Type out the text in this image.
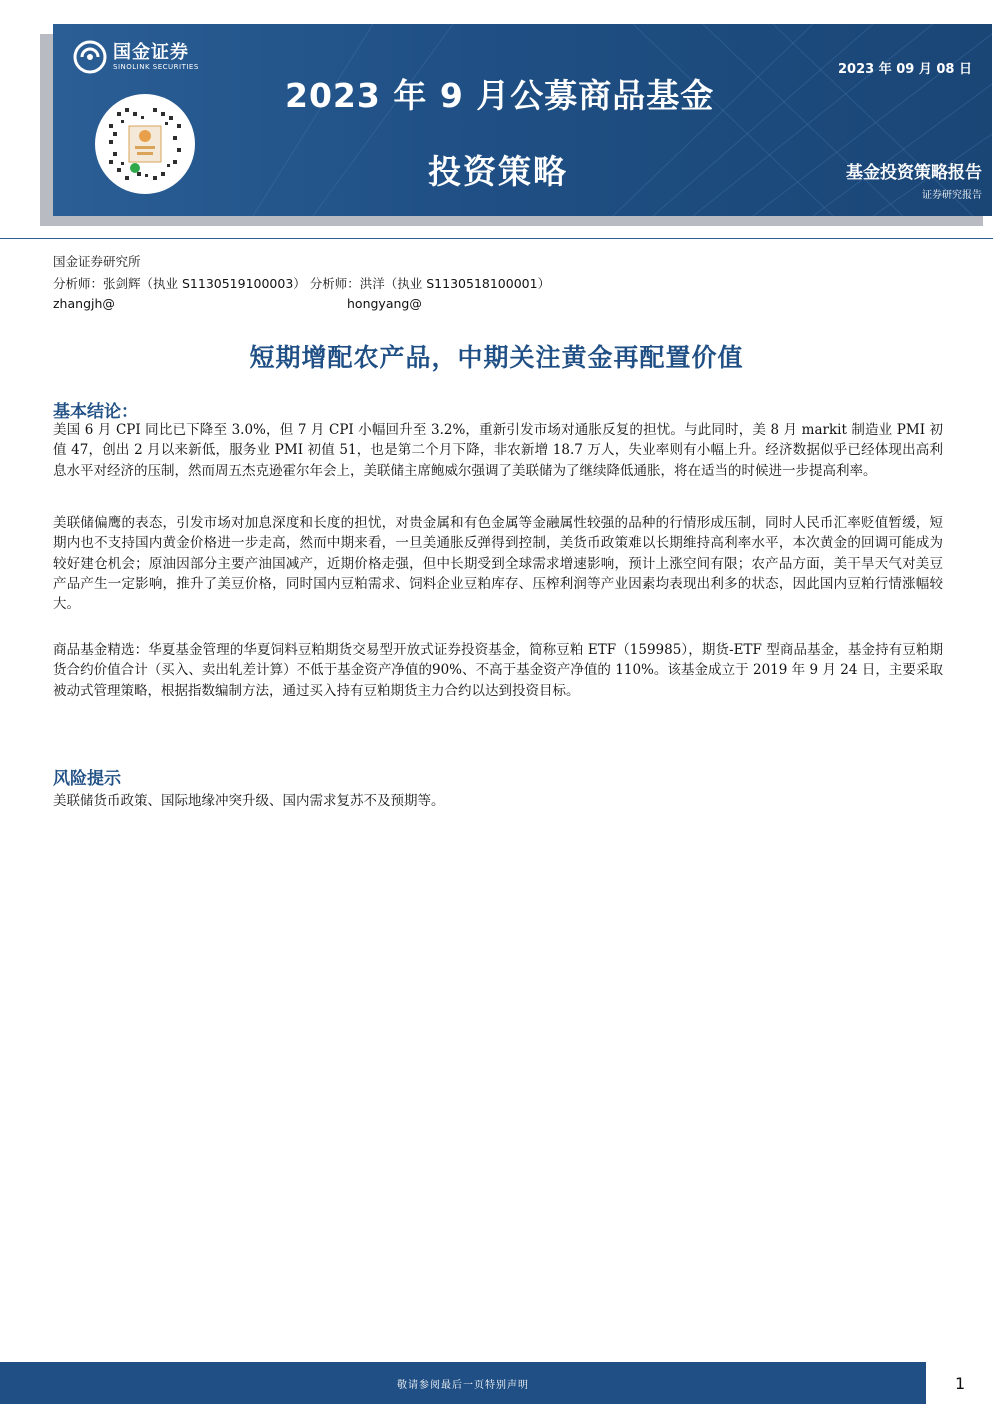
国金证券
SINOLINK SECURITIES
2023 年 9 月公募商品基金
投资策略
2023 年 09 月 08 日
基金投资策略报告
证券研究报告
国金证券研究所
分析师：张剑辉（执业 S1130519100003） 分析师：洪洋（执业 S1130518100001）
zhangjh@	hongyang@
短期增配农产品，中期关注黄金再配置价值
基本结论：
美国 6 月 CPI 同比已下降至 3.0%，但 7 月 CPI 小幅回升至 3.2%，重新引发市场对通胀反复的担忧。与此同时，美 8 月 markit 制造业 PMI 初值 47，创出 2 月以来新低，服务业 PMI 初值 51，也是第二个月下降，非农新增 18.7 万人，失业率则有小幅上升。经济数据似乎已经体现出高利息水平对经济的压制，然而周五杰克逊霍尔年会上，美联储主席鲍威尔强调了美联储为了继续降低通胀，将在适当的时候进一步提高利率。
美联储偏鹰的表态，引发市场对加息深度和长度的担忧，对贵金属和有色金属等金融属性较强的品种的行情形成压制，同时人民币汇率贬值暂缓，短期内也不支持国内黄金价格进一步走高，然而中期来看，一旦美通胀反弹得到控制，美货币政策难以长期维持高利率水平，本次黄金的回调可能成为较好建仓机会；原油因部分主要产油国减产，近期价格走强，但中长期受到全球需求增速影响，预计上涨空间有限；农产品方面，美干旱天气对美豆产品产生一定影响，推升了美豆价格，同时国内豆粕需求、饲料企业豆粕库存、压榨利润等产业因素均表现出利多的状态，因此国内豆粕行情涨幅较大。
商品基金精选：华夏基金管理的华夏饲料豆粕期货交易型开放式证券投资基金，简称豆粕 ETF（159985），期货-ETF 型商品基金，基金持有豆粕期货合约价值合计（买入、卖出轧差计算）不低于基金资产净值的90%、不高于基金资产净值的 110%。该基金成立于 2019 年 9 月 24 日，主要采取被动式管理策略，根据指数编制方法，通过买入持有豆粕期货主力合约以达到投资目标。
风险提示
美联储货币政策、国际地缘冲突升级、国内需求复苏不及预期等。
敬请参阅最后一页特别声明	1
